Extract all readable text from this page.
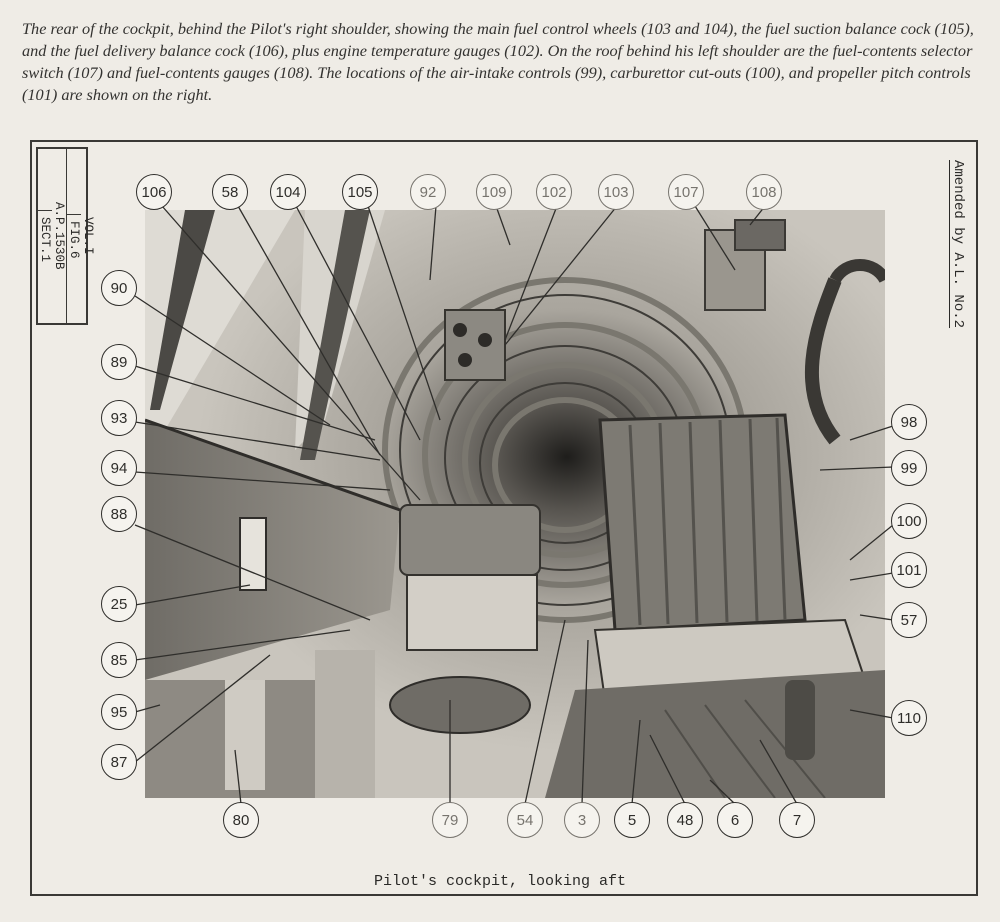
The rear of the cockpit, behind the Pilot's right shoulder, showing the main fuel control wheels (103 and 104), the fuel suction balance cock (105), and the fuel delivery balance cock (106), plus engine temperature gauges (102). On the roof behind his left shoulder are the fuel-contents selector switch (107) and fuel-contents gauges (108). The locations of the air-intake controls (99), carburettor cut-outs (100), and propeller pitch controls (101) are shown on the right.

A.P.1530B
SECT.1 VOL.I
FIG.6	Amended by A.L. No.2
106	58	104	105	92	109	102	103	107	108
90
89
93
94
88
25
85
95
87
98
99
100
101
57
110
80	79	54	3	5	48	6	7
Pilot's cockpit, looking aft
